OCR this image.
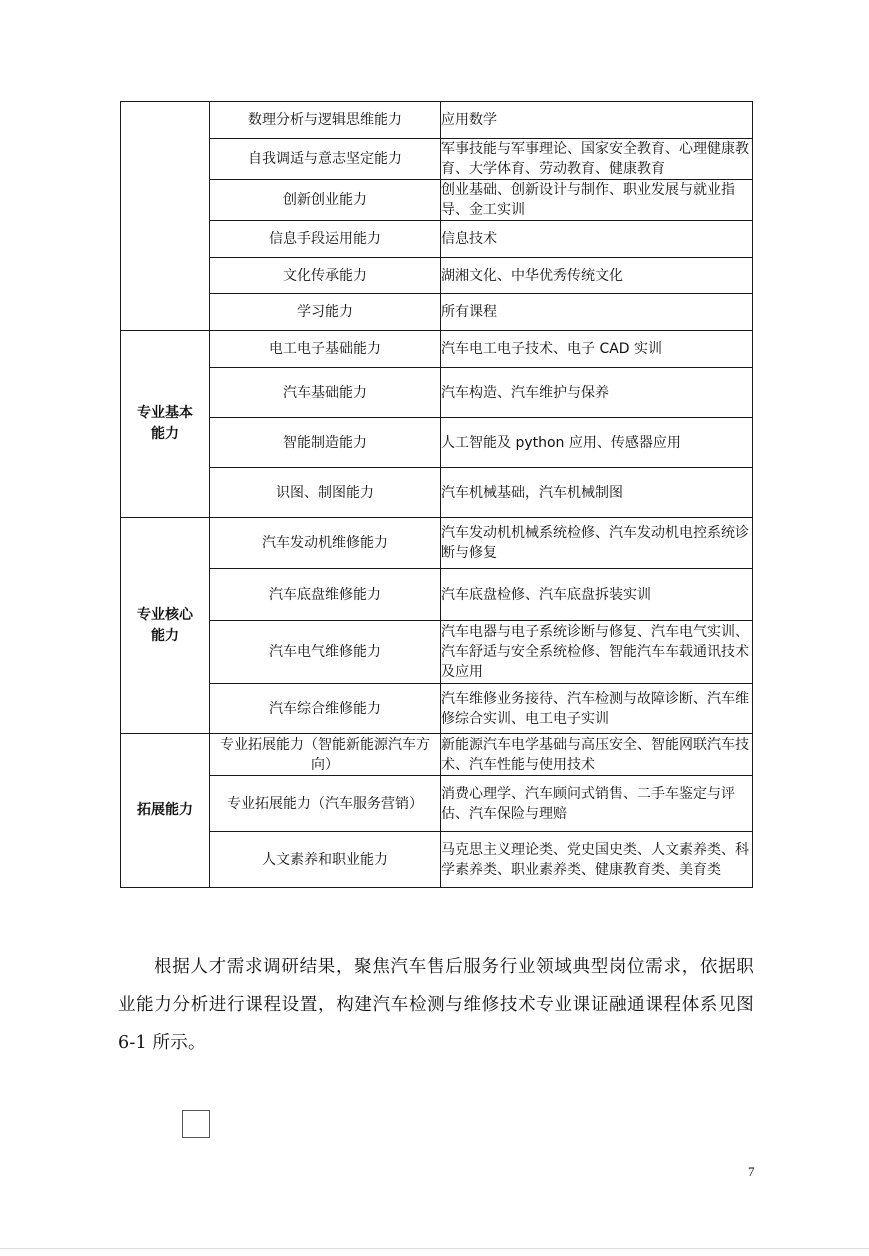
	数理分析与逻辑思维能力	应用数学
	自我调适与意志坚定能力	军事技能与军事理论、国家安全教育、心理健康教育、大学体育、劳动教育、健康教育
	创新创业能力	创业基础、创新设计与制作、职业发展与就业指导、金工实训
	信息手段运用能力	信息技术
	文化传承能力	湖湘文化、中华优秀传统文化
	学习能力	所有课程
专业基本能力	电工电子基础能力	汽车电工电子技术、电子 CAD 实训
	汽车基础能力	汽车构造、汽车维护与保养
	智能制造能力	人工智能及 python 应用、传感器应用
	识图、制图能力	汽车机械基础，汽车机械制图
专业核心能力	汽车发动机维修能力	汽车发动机机械系统检修、汽车发动机电控系统诊断与修复
	汽车底盘维修能力	汽车底盘检修、汽车底盘拆装实训
	汽车电气维修能力	汽车电器与电子系统诊断与修复、汽车电气实训、汽车舒适与安全系统检修、智能汽车车载通讯技术及应用
	汽车综合维修能力	汽车维修业务接待、汽车检测与故障诊断、汽车维修综合实训、电工电子实训
拓展能力	专业拓展能力（智能新能源汽车方向）	新能源汽车电学基础与高压安全、智能网联汽车技术、汽车性能与使用技术
	专业拓展能力（汽车服务营销）	消费心理学、汽车顾问式销售、二手车鉴定与评估、汽车保险与理赔
	人文素养和职业能力	马克思主义理论类、党史国史类、人文素养类、科学素养类、职业素养类、健康教育类、美育类

根据人才需求调研结果，聚焦汽车售后服务行业领域典型岗位需求，依据职业能力分析进行课程设置，构建汽车检测与维修技术专业课证融通课程体系见图6-1 所示。

7
